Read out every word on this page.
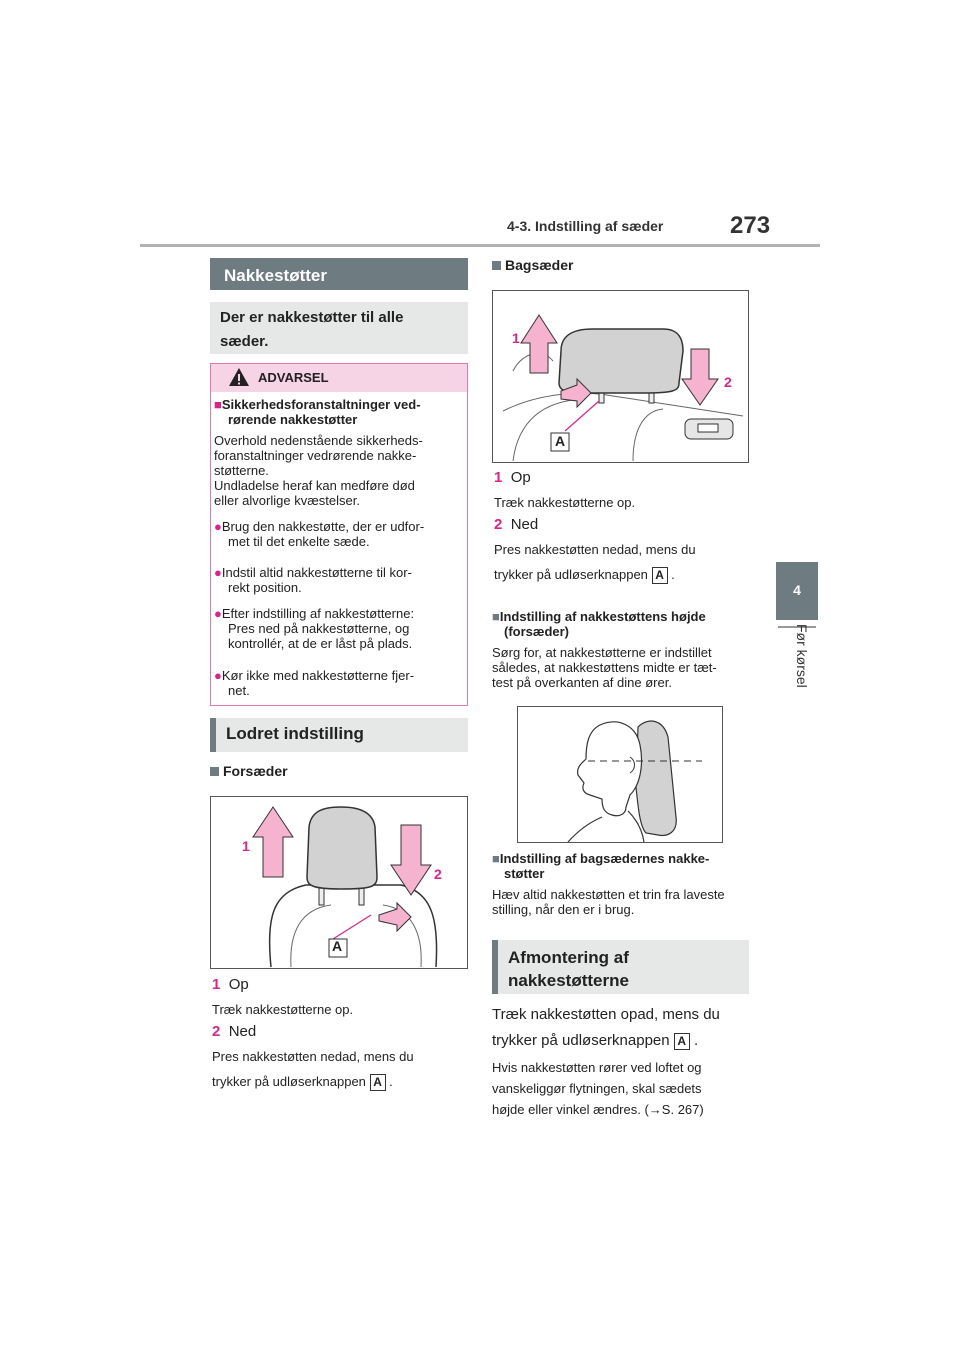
4-3. Indstilling af sæder	273
4
Før kørsel
Nakkestøtter
Der er nakkestøtter til alle
sæder.
ADVARSEL
■Sikkerhedsforanstaltninger ved-
rørende nakkestøtter
Overhold nedenstående sikkerheds-
foranstaltninger vedrørende nakke-
støtterne.
Undladelse heraf kan medføre død
eller alvorlige kvæstelser.
●Brug den nakkestøtte, der er udfor-
met til det enkelte sæde.
●Indstil altid nakkestøtterne til kor-
rekt position.
●Efter indstilling af nakkestøtterne:
Pres ned på nakkestøtterne, og
kontrollér, at de er låst på plads.
●Kør ikke med nakkestøtterne fjer-
net.
Lodret indstilling
Forsæder
1
2
A
1 Op
Træk nakkestøtterne op.
2 Ned
Pres nakkestøtten nedad, mens du
trykker på udløserknappen A .
Bagsæder
1
2
A
1 Op
Træk nakkestøtterne op.
2 Ned
Pres nakkestøtten nedad, mens du
trykker på udløserknappen A .
■Indstilling af nakkestøttens højde
(forsæder)
Sørg for, at nakkestøtterne er indstillet
således, at nakkestøttens midte er tæt-
test på overkanten af dine ører.
■Indstilling af bagsædernes nakke-
støtter
Hæv altid nakkestøtten et trin fra laveste
stilling, når den er i brug.
Afmontering af
nakkestøtterne
Træk nakkestøtten opad, mens du
trykker på udløserknappen A .
Hvis nakkestøtten rører ved loftet og
vanskeliggør flytningen, skal sædets
højde eller vinkel ændres. (→S. 267)
